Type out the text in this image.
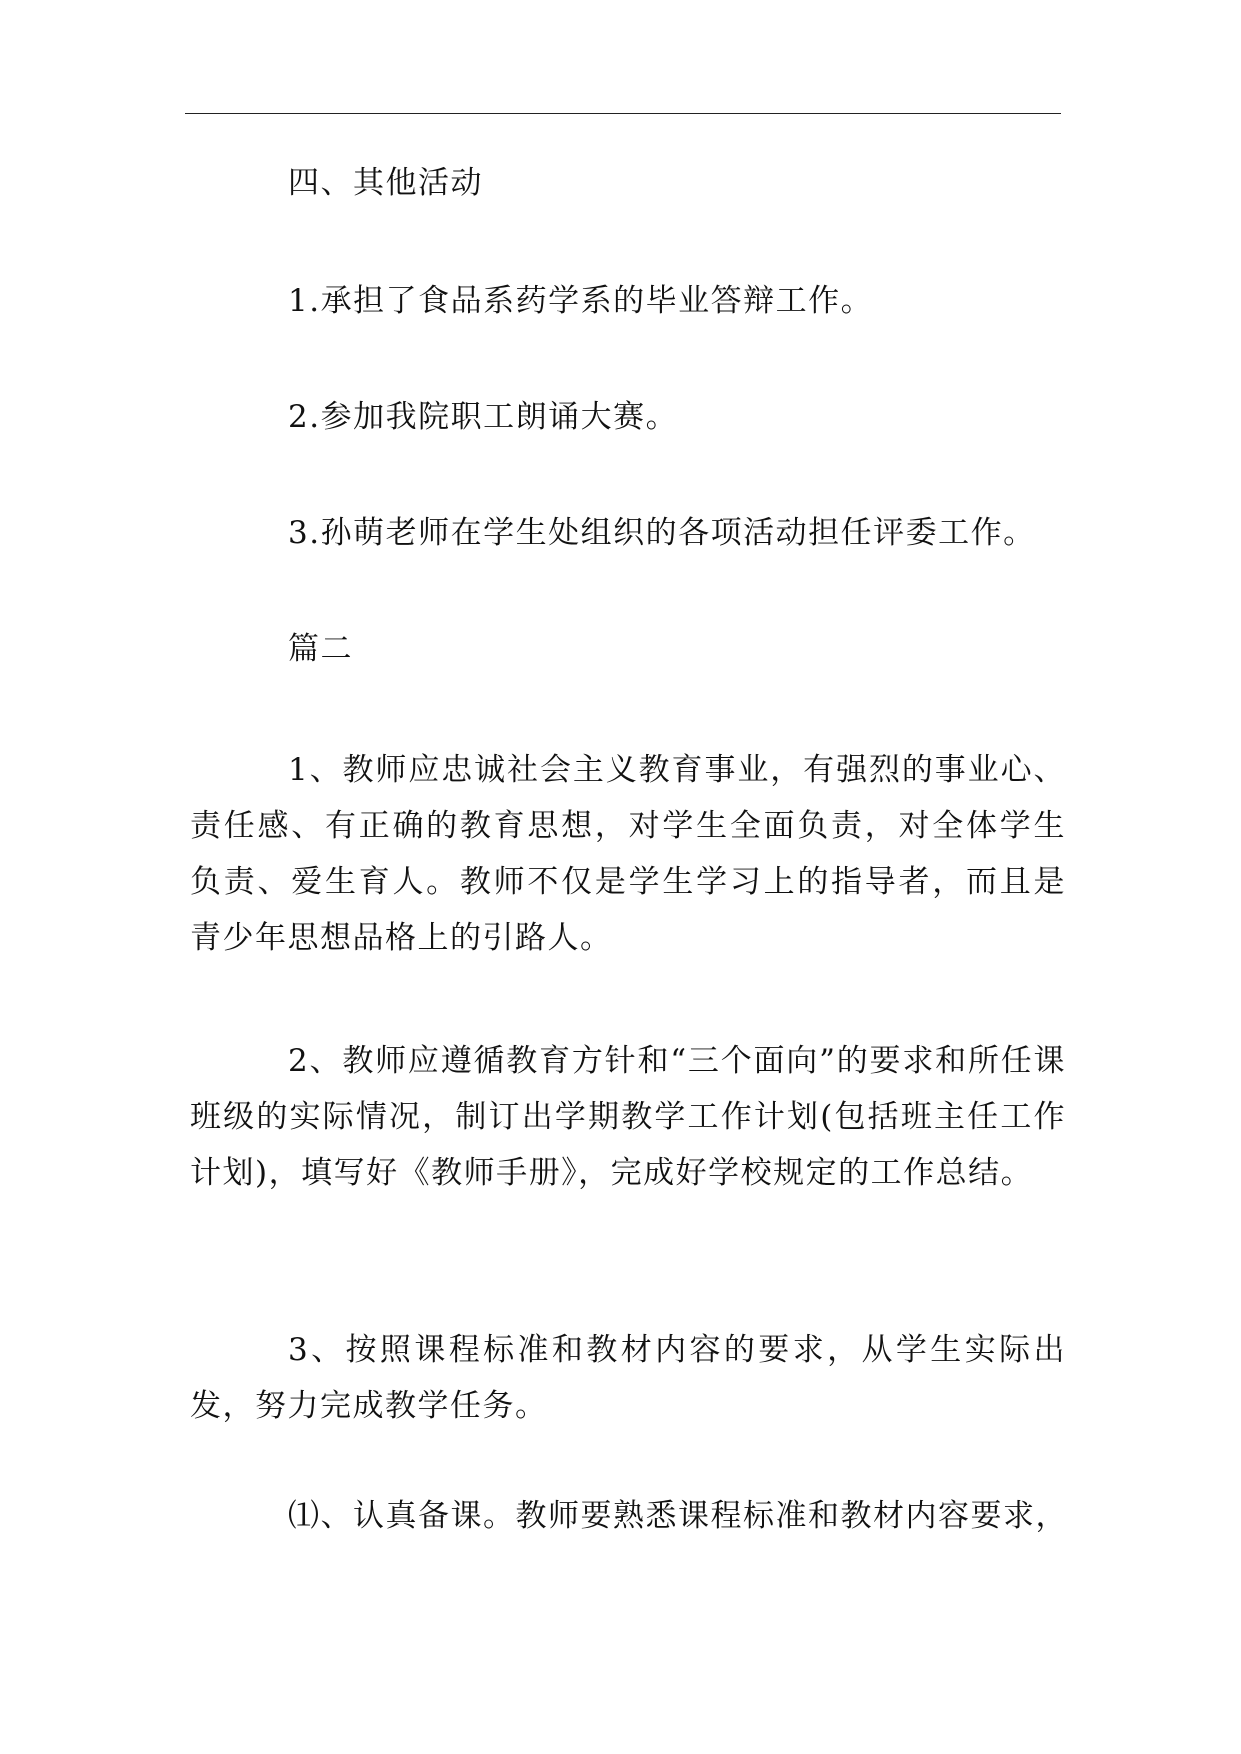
四、其他活动
1.承担了食品系药学系的毕业答辩工作。
2.参加我院职工朗诵大赛。
3.孙萌老师在学生处组织的各项活动担任评委工作。
篇二
1、教师应忠诚社会主义教育事业，有强烈的事业心、责任感、有正确的教育思想，对学生全面负责，对全体学生负责、爱生育人。教师不仅是学生学习上的指导者，而且是青少年思想品格上的引路人。
2、教师应遵循教育方针和“三个面向”的要求和所任课班级的实际情况，制订出学期教学工作计划(包括班主任工作计划)，填写好《教师手册》，完成好学校规定的工作总结。
3、按照课程标准和教材内容的要求，从学生实际出发，努力完成教学任务。
⑴、认真备课。教师要熟悉课程标准和教材内容要求，
